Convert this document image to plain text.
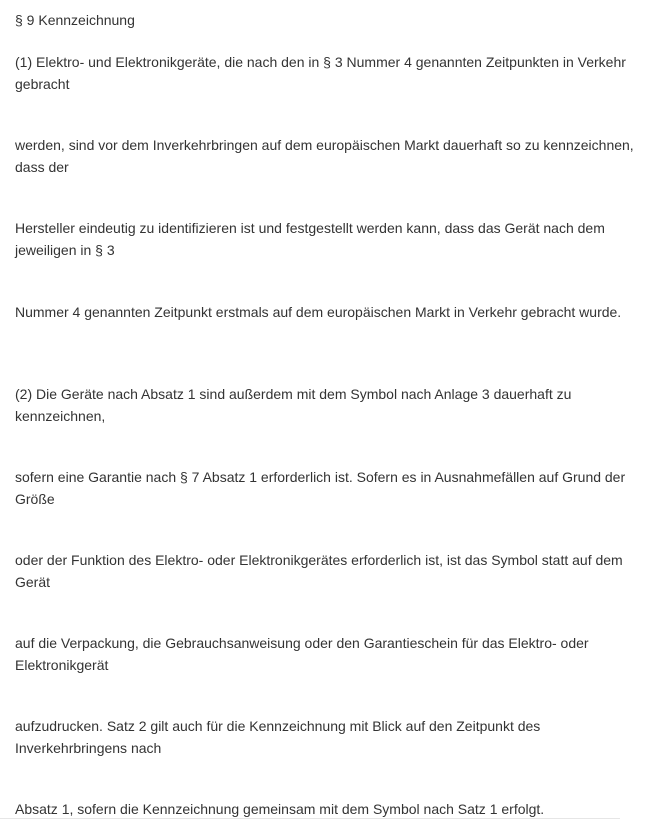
§ 9 Kennzeichnung

(1) Elektro- und Elektronikgeräte, die nach den in § 3 Nummer 4 genannten Zeitpunkten in Verkehr gebracht

werden, sind vor dem Inverkehrbringen auf dem europäischen Markt dauerhaft so zu kennzeichnen, dass der

Hersteller eindeutig zu identifizieren ist und festgestellt werden kann, dass das Gerät nach dem jeweiligen in § 3

Nummer 4 genannten Zeitpunkt erstmals auf dem europäischen Markt in Verkehr gebracht wurde.

(2) Die Geräte nach Absatz 1 sind außerdem mit dem Symbol nach Anlage 3 dauerhaft zu kennzeichnen,

sofern eine Garantie nach § 7 Absatz 1 erforderlich ist. Sofern es in Ausnahmefällen auf Grund der Größe

oder der Funktion des Elektro- oder Elektronikgerätes erforderlich ist, ist das Symbol statt auf dem Gerät

auf die Verpackung, die Gebrauchsanweisung oder den Garantieschein für das Elektro- oder Elektronikgerät

aufzudrucken. Satz 2 gilt auch für die Kennzeichnung mit Blick auf den Zeitpunkt des Inverkehrbringens nach

Absatz 1, sofern die Kennzeichnung gemeinsam mit dem Symbol nach Satz 1 erfolgt.
